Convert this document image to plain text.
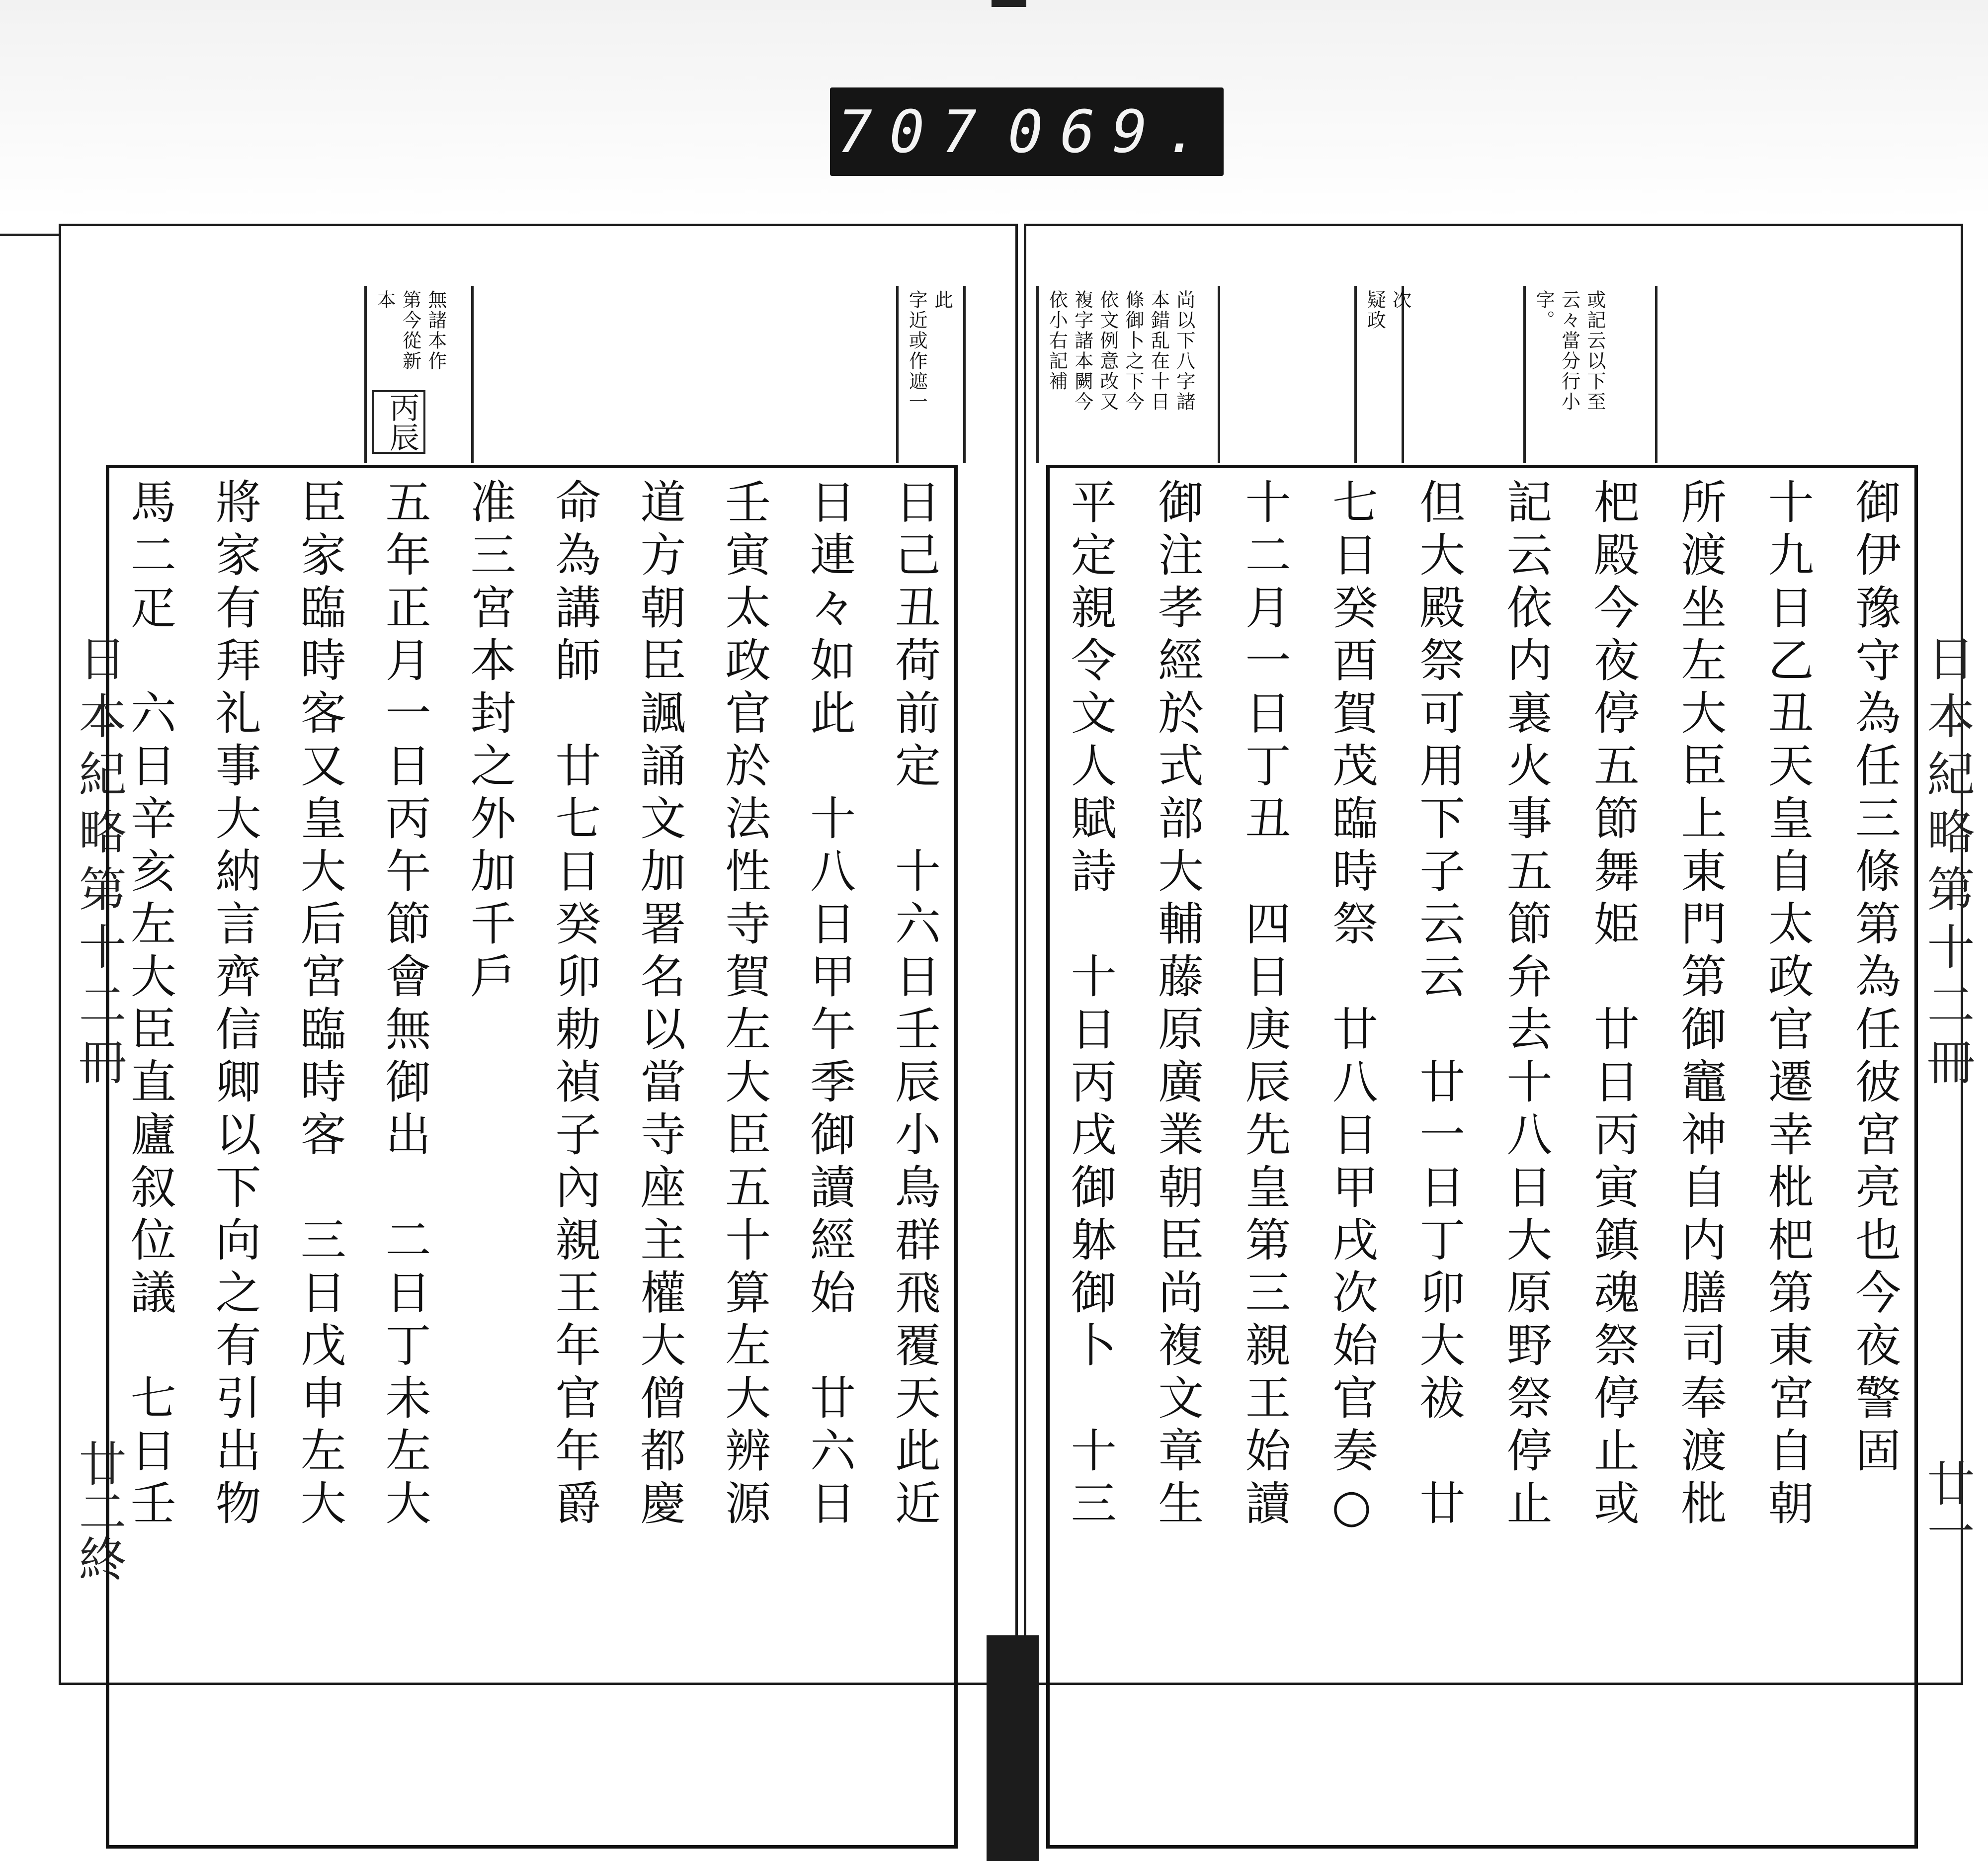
707 069.
或記云以下至
云々當分行小
字。
次
疑政
尚以下八字諸
本錯乱在十日
條御卜之下今
依文例意改又
複字諸本闕今
依小右記補
日本紀略第十二冊
廿一
御伊豫守為任三條第為任彼宮亮也今夜警固
十九日乙丑天皇自太政官遷幸枇杷第東宮自朝
所渡坐左大臣上東門第御竈神自内膳司奉渡枇
杷殿今夜停五節舞姫　廿日丙寅鎮魂祭停止或
記云依内裏火事五節弁去十八日大原野祭停止
但大殿祭可用下子云云　廿一日丁卯大祓　廿
七日癸酉賀茂臨時祭　廿八日甲戌次始官奏○
十二月一日丁丑　四日庚辰先皇第三親王始讀
御注孝經於式部大輔藤原廣業朝臣尚複文章生
平定親令文人賦詩　十日丙戌御躰御卜　十三
此
字近或作遮一
無諸本作
第今從新
本
丙辰
日本紀略第十二冊
廿二終	日己丑荷前定　十六日壬辰小鳥群飛覆天此近
日連々如此　十八日甲午季御讀經始　廿六日
壬寅太政官於法性寺賀左大臣五十算左大辨源
道方朝臣諷誦文加署名以當寺座主權大僧都慶
命為講師　廿七日癸卯勅禎子內親王年官年爵
准三宮本封之外加千戶
五年正月一日丙午節會無御出　二日丁未左大
臣家臨時客又皇大后宮臨時客　三日戊申左大
將家有拜礼事大納言齊信卿以下向之有引出物
馬二疋　六日辛亥左大臣直廬叙位議　七日壬
